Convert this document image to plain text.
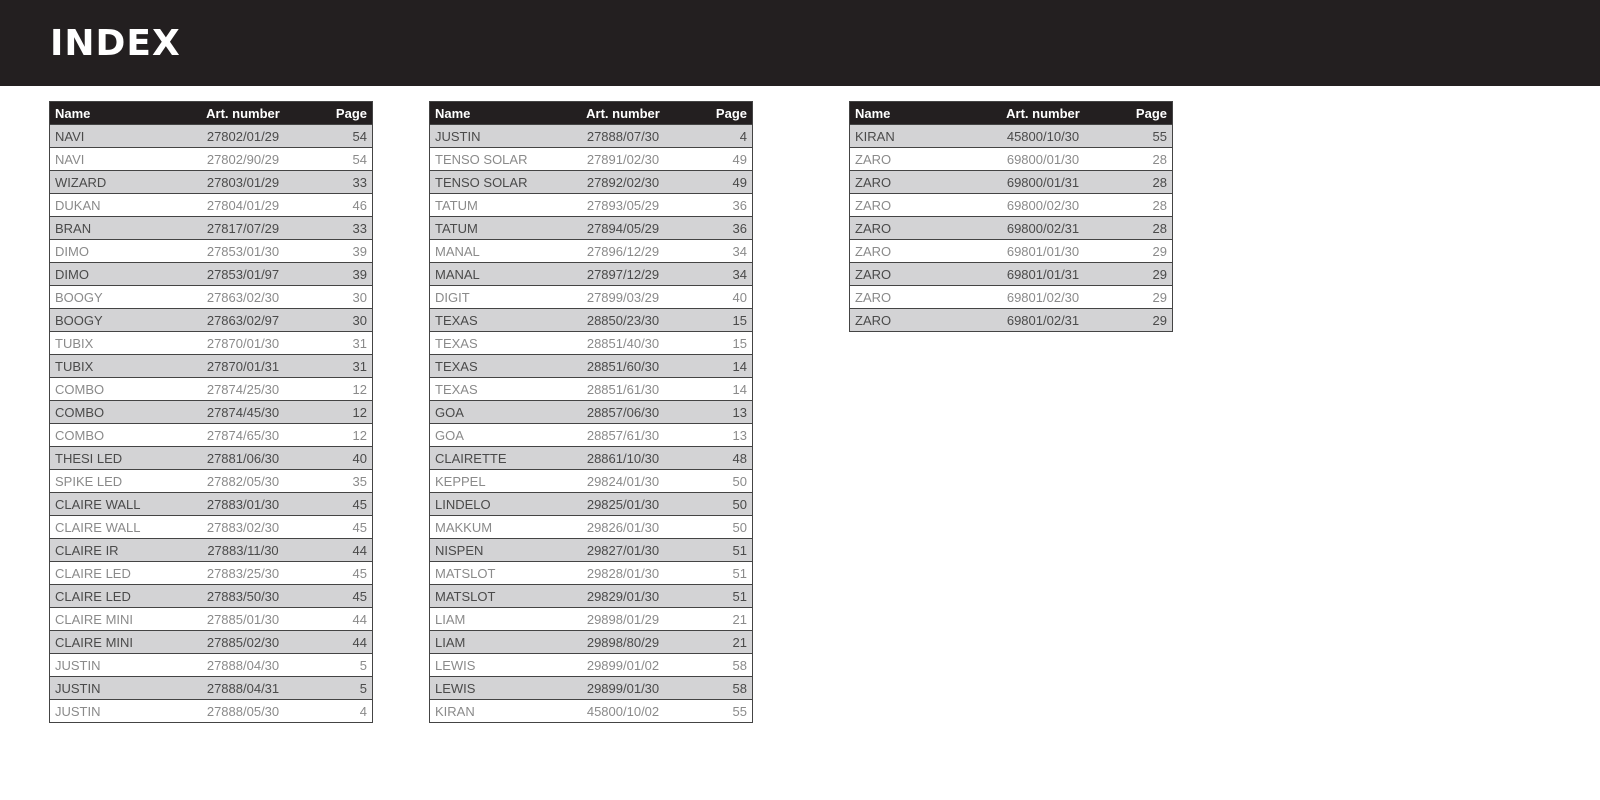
INDEX
Name	Art. number	Page
NAVI	27802/01/29	54
NAVI	27802/90/29	54
WIZARD	27803/01/29	33
DUKAN	27804/01/29	46
BRAN	27817/07/29	33
DIMO	27853/01/30	39
DIMO	27853/01/97	39
BOOGY	27863/02/30	30
BOOGY	27863/02/97	30
TUBIX	27870/01/30	31
TUBIX	27870/01/31	31
COMBO	27874/25/30	12
COMBO	27874/45/30	12
COMBO	27874/65/30	12
THESI LED	27881/06/30	40
SPIKE LED	27882/05/30	35
CLAIRE WALL	27883/01/30	45
CLAIRE WALL	27883/02/30	45
CLAIRE IR	27883/11/30	44
CLAIRE LED	27883/25/30	45
CLAIRE LED	27883/50/30	45
CLAIRE MINI	27885/01/30	44
CLAIRE MINI	27885/02/30	44
JUSTIN	27888/04/30	5
JUSTIN	27888/04/31	5
JUSTIN	27888/05/30	4
Name	Art. number	Page
JUSTIN	27888/07/30	4
TENSO SOLAR	27891/02/30	49
TENSO SOLAR	27892/02/30	49
TATUM	27893/05/29	36
TATUM	27894/05/29	36
MANAL	27896/12/29	34
MANAL	27897/12/29	34
DIGIT	27899/03/29	40
TEXAS	28850/23/30	15
TEXAS	28851/40/30	15
TEXAS	28851/60/30	14
TEXAS	28851/61/30	14
GOA	28857/06/30	13
GOA	28857/61/30	13
CLAIRETTE	28861/10/30	48
KEPPEL	29824/01/30	50
LINDELO	29825/01/30	50
MAKKUM	29826/01/30	50
NISPEN	29827/01/30	51
MATSLOT	29828/01/30	51
MATSLOT	29829/01/30	51
LIAM	29898/01/29	21
LIAM	29898/80/29	21
LEWIS	29899/01/02	58
LEWIS	29899/01/30	58
KIRAN	45800/10/02	55
Name	Art. number	Page
KIRAN	45800/10/30	55
ZARO	69800/01/30	28
ZARO	69800/01/31	28
ZARO	69800/02/30	28
ZARO	69800/02/31	28
ZARO	69801/01/30	29
ZARO	69801/01/31	29
ZARO	69801/02/30	29
ZARO	69801/02/31	29
